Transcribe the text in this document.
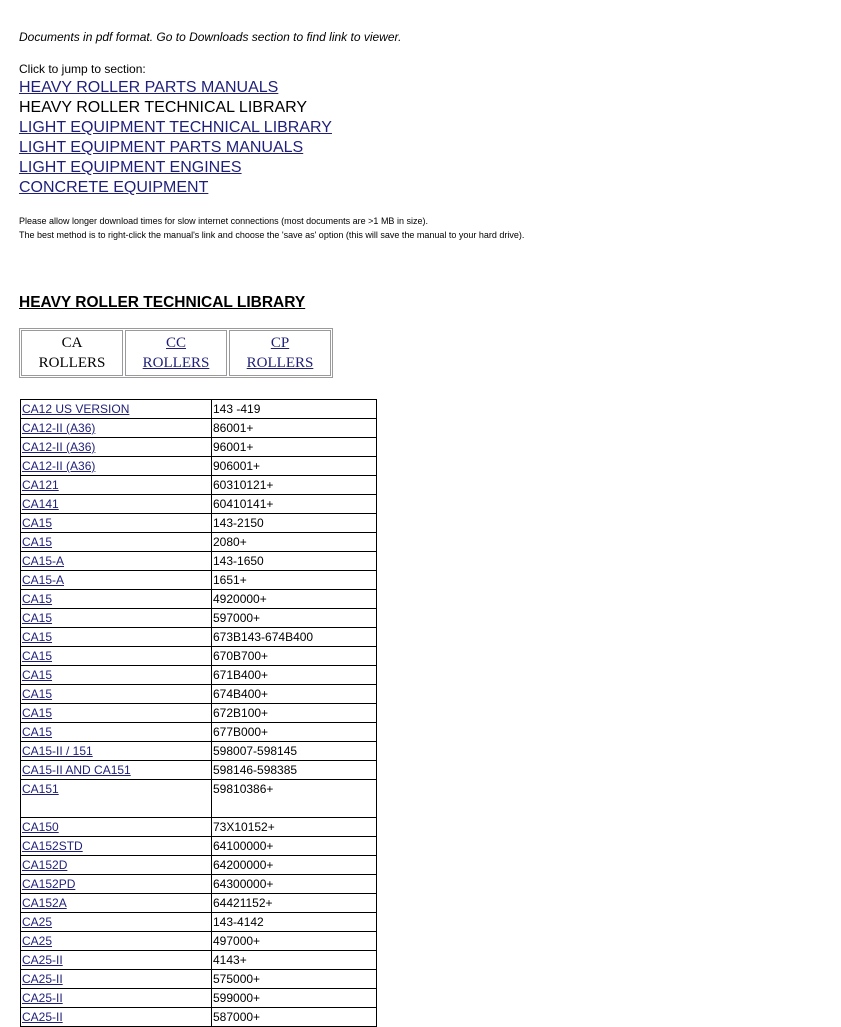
Documents in pdf format. Go to Downloads section to find link to viewer.
Click to jump to section:
HEAVY ROLLER PARTS MANUALS
HEAVY ROLLER TECHNICAL LIBRARY
LIGHT EQUIPMENT TECHNICAL LIBRARY
LIGHT EQUIPMENT PARTS MANUALS
LIGHT EQUIPMENT ENGINES
CONCRETE EQUIPMENT
Please allow longer download times for slow internet connections (most documents are >1 MB in size).
The best method is to right-click the manual's link and choose the 'save as' option (this will save the manual to your hard drive).
HEAVY ROLLER TECHNICAL LIBRARY
CA
ROLLERS
CC
ROLLERS
CP
ROLLERS
CA12 US VERSION	143 -419
CA12-II (A36)	86001+
CA12-II (A36)	96001+
CA12-II (A36)	906001+
CA121	60310121+
CA141	60410141+
CA15	143-2150
CA15	2080+
CA15-A	143-1650
CA15-A	1651+
CA15	4920000+
CA15	597000+
CA15	673B143-674B400
CA15	670B700+
CA15	671B400+
CA15	674B400+
CA15	672B100+
CA15	677B000+
CA15-II / 151	598007-598145
CA15-II AND CA151	598146-598385
CA151	59810386+
CA150	73X10152+
CA152STD	64100000+
CA152D	64200000+
CA152PD	64300000+
CA152A	64421152+
CA25	143-4142
CA25	497000+
CA25-II	4143+
CA25-II	575000+
CA25-II	599000+
CA25-II	587000+
